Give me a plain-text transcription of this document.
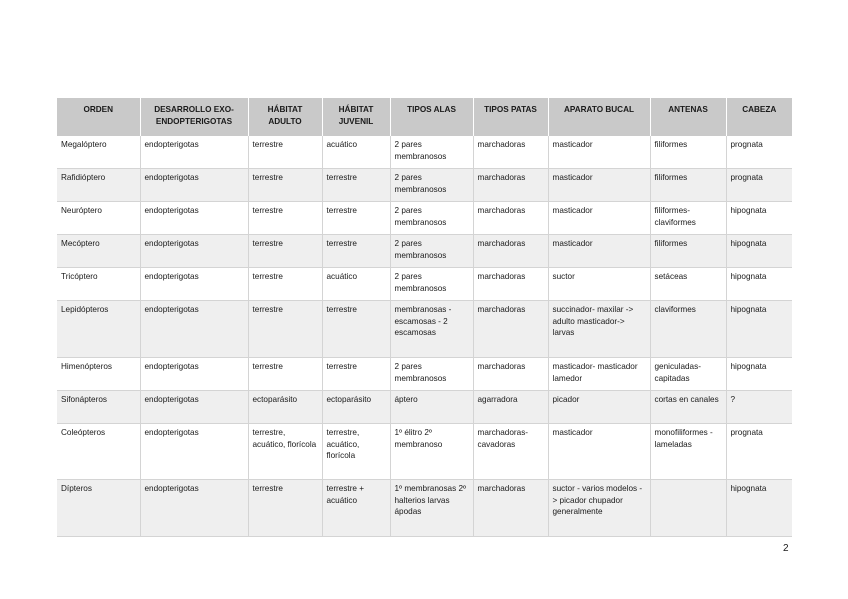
ORDEN	DESARROLLO EXO-ENDOPTERIGOTAS	HÁBITAT ADULTO	HÁBITAT JUVENIL	TIPOS ALAS	TIPOS PATAS	APARATO BUCAL	ANTENAS	CABEZA
Megalóptero	endopterigotas	terrestre	acuático	2 pares membranosos	marchadoras	masticador	filiformes	prognata
Rafidióptero	endopterigotas	terrestre	terrestre	2 pares membranosos	marchadoras	masticador	filiformes	prognata
Neuróptero	endopterigotas	terrestre	terrestre	2 pares membranosos	marchadoras	masticador	filiformes-claviformes	hipognata
Mecóptero	endopterigotas	terrestre	terrestre	2 pares membranosos	marchadoras	masticador	filiformes	hipognata
Tricóptero	endopterigotas	terrestre	acuático	2 pares membranosos	marchadoras	suctor	setáceas	hipognata
Lepidópteros	endopterigotas	terrestre	terrestre	membranosas - escamosas - 2 escamosas	marchadoras	succinador- maxilar -> adulto masticador-> larvas	claviformes	hipognata
Himenópteros	endopterigotas	terrestre	terrestre	2 pares membranosos	marchadoras	masticador- masticador lamedor	geniculadas-capitadas	hipognata
Sifonápteros	endopterigotas	ectoparásito	ectoparásito	áptero	agarradora	picador	cortas en canales	?
Coleópteros	endopterigotas	terrestre, acuático, florícola	terrestre, acuático, florícola	1º élitro 2º membranoso	marchadoras-cavadoras	masticador	monofiliformes - lameladas	prognata
Dípteros	endopterigotas	terrestre	terrestre + acuático	1º membranosas 2º halterios larvas ápodas	marchadoras	suctor - varios modelos -> picador chupador generalmente		hipognata
2
